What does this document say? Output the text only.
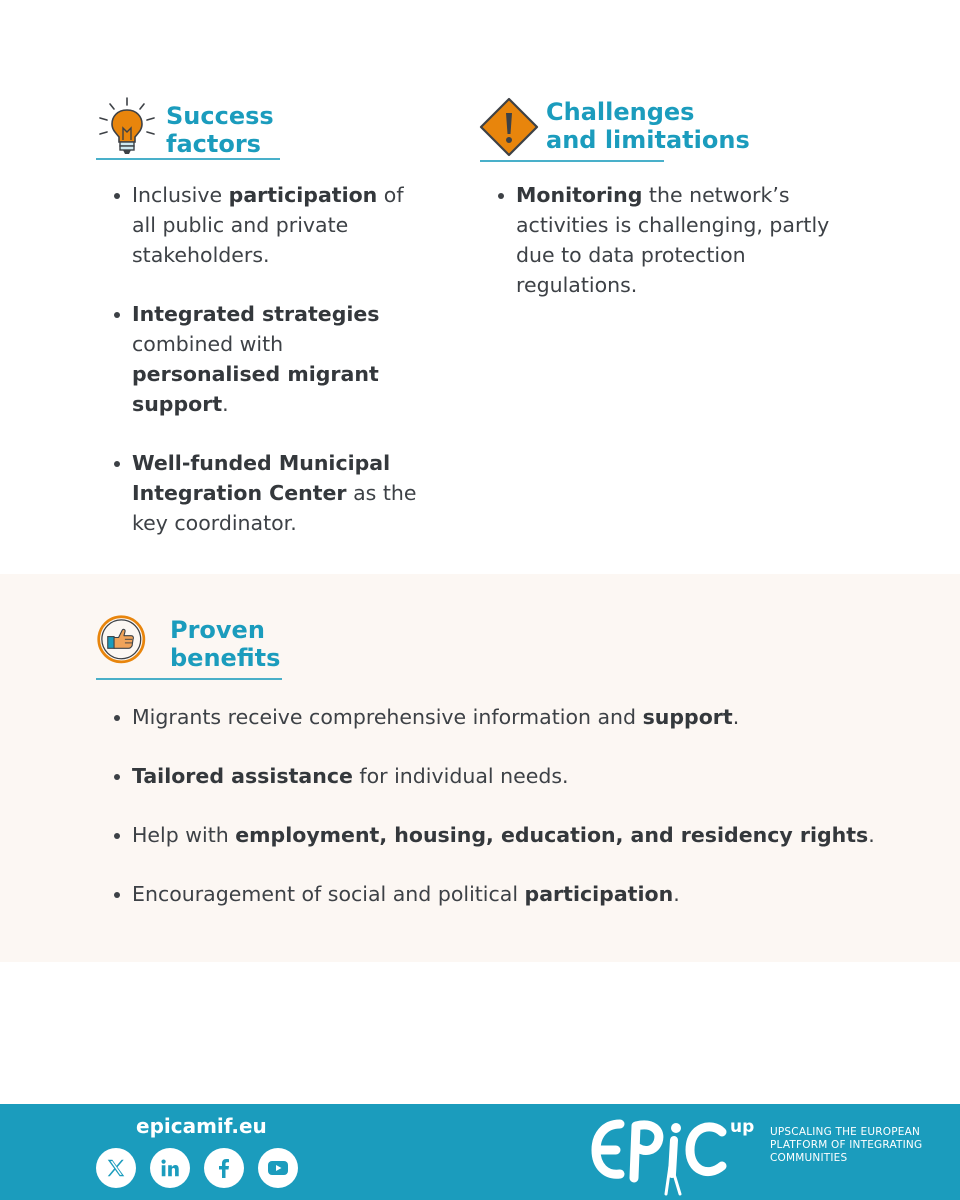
Success
factors
Inclusive participation of all public and private stakeholders.
Integrated strategies combined with personalised migrant support.
Well-funded Municipal Integration Center as the key coordinator.
Challenges
and limitations
Monitoring the network’s activities is challenging, partly due to data protection regulations.
Proven
benefits
Migrants receive comprehensive information and support.
Tailored assistance for individual needs.
Help with employment, housing, education, and residency rights.
Encouragement of social and political participation.
epicamif.eu	up UPSCALING THE EUROPEAN PLATFORM OF INTEGRATING COMMUNITIES
